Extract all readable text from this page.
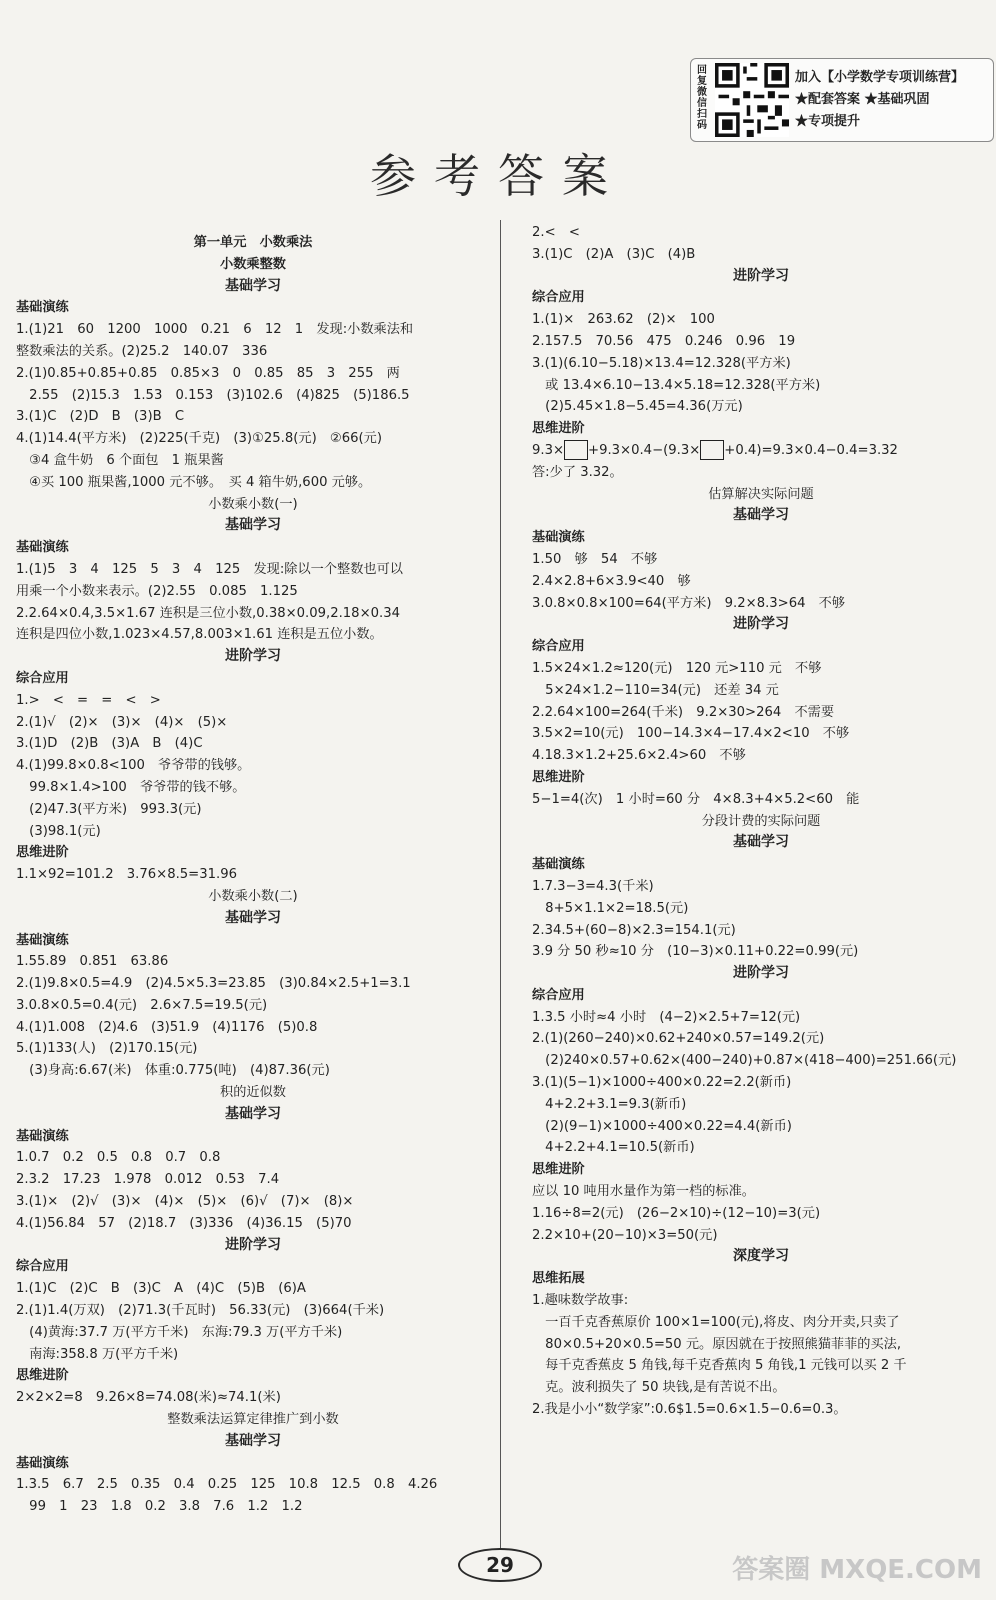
回复微信扫码
加入【小学数学专项训练营】
★配套答案 ★基础巩固
★专项提升
参考答案
第一单元　小数乘法
小数乘整数
基础学习
基础演练
1.(1)21　60　1200　1000　0.21　6　12　1　发现:小数乘法和
整数乘法的关系。(2)25.2　140.07　336
2.(1)0.85+0.85+0.85　0.85×3　0　0.85　85　3　255　两
　2.55　(2)15.3　1.53　0.153　(3)102.6　(4)825　(5)186.5
3.(1)C　(2)D　B　(3)B　C
4.(1)14.4(平方米)　(2)225(千克)　(3)①25.8(元)　②66(元)
　③4 盒牛奶　6 个面包　1 瓶果酱
　④买 100 瓶果酱,1000 元不够。　买 4 箱牛奶,600 元够。
小数乘小数(一)
基础学习
基础演练
1.(1)5　3　4　125　5　3　4　125　发现:除以一个整数也可以
用乘一个小数来表示。(2)2.55　0.085　1.125
2.2.64×0.4,3.5×1.67 连积是三位小数,0.38×0.09,2.18×0.34
连积是四位小数,1.023×4.57,8.003×1.61 连积是五位小数。
进阶学习
综合应用
1.>　<　=　=　<　>
2.(1)√　(2)×　(3)×　(4)×　(5)×
3.(1)D　(2)B　(3)A　B　(4)C
4.(1)99.8×0.8<100　爷爷带的钱够。
　99.8×1.4>100　爷爷带的钱不够。
　(2)47.3(平方米)　993.3(元)
　(3)98.1(元)
思维进阶
1.1×92=101.2　3.76×8.5=31.96
小数乘小数(二)
基础学习
基础演练
1.55.89　0.851　63.86
2.(1)9.8×0.5=4.9　(2)4.5×5.3=23.85　(3)0.84×2.5+1=3.1
3.0.8×0.5=0.4(元)　2.6×7.5=19.5(元)
4.(1)1.008　(2)4.6　(3)51.9　(4)1176　(5)0.8
5.(1)133(人)　(2)170.15(元)
　(3)身高:6.67(米)　体重:0.775(吨)　(4)87.36(元)
积的近似数
基础学习
基础演练
1.0.7　0.2　0.5　0.8　0.7　0.8
2.3.2　17.23　1.978　0.012　0.53　7.4
3.(1)×　(2)√　(3)×　(4)×　(5)×　(6)√　(7)×　(8)×
4.(1)56.84　57　(2)18.7　(3)336　(4)36.15　(5)70
进阶学习
综合应用
1.(1)C　(2)C　B　(3)C　A　(4)C　(5)B　(6)A
2.(1)1.4(万双)　(2)71.3(千瓦时)　56.33(元)　(3)664(千米)
　(4)黄海:37.7 万(平方千米)　东海:79.3 万(平方千米)
　南海:358.8 万(平方千米)
思维进阶
2×2×2=8　9.26×8=74.08(米)≈74.1(米)
整数乘法运算定律推广到小数
基础学习
基础演练
1.3.5　6.7　2.5　0.35　0.4　0.25　125　10.8　12.5　0.8　4.26
　99　1　23　1.8　0.2　3.8　7.6　1.2　1.2
2.<　<
3.(1)C　(2)A　(3)C　(4)B
进阶学习
综合应用
1.(1)×　263.62　(2)×　100
2.157.5　70.56　475　0.246　0.96　19
3.(1)(6.10−5.18)×13.4=12.328(平方米)
　或 13.4×6.10−13.4×5.18=12.328(平方米)
　(2)5.45×1.8−5.45=4.36(万元)
思维进阶
9.3× +9.3×0.4−(9.3× +0.4)=9.3×0.4−0.4=3.32
答:少了 3.32。
估算解决实际问题
基础学习
基础演练
1.50　够　54　不够
2.4×2.8+6×3.9<40　够
3.0.8×0.8×100=64(平方米)　9.2×8.3>64　不够
进阶学习
综合应用
1.5×24×1.2≈120(元)　120 元>110 元　不够
　5×24×1.2−110=34(元)　还差 34 元
2.2.64×100=264(千米)　9.2×30>264　不需要
3.5×2=10(元)　100−14.3×4−17.4×2<10　不够
4.18.3×1.2+25.6×2.4>60　不够
思维进阶
5−1=4(次)　1 小时=60 分　4×8.3+4×5.2<60　能
分段计费的实际问题
基础学习
基础演练
1.7.3−3=4.3(千米)
　8+5×1.1×2=18.5(元)
2.34.5+(60−8)×2.3=154.1(元)
3.9 分 50 秒≈10 分　(10−3)×0.11+0.22=0.99(元)
进阶学习
综合应用
1.3.5 小时≈4 小时　(4−2)×2.5+7=12(元)
2.(1)(260−240)×0.62+240×0.57=149.2(元)
　(2)240×0.57+0.62×(400−240)+0.87×(418−400)=251.66(元)
3.(1)(5−1)×1000÷400×0.22=2.2(新币)
　4+2.2+3.1=9.3(新币)
　(2)(9−1)×1000÷400×0.22=4.4(新币)
　4+2.2+4.1=10.5(新币)
思维进阶
应以 10 吨用水量作为第一档的标准。
1.16÷8=2(元)　(26−2×10)÷(12−10)=3(元)
2.2×10+(20−10)×3=50(元)
深度学习
思维拓展
1.趣味数学故事:
　一百千克香蕉原价 100×1=100(元),将皮、肉分开卖,只卖了
　80×0.5+20×0.5=50 元。原因就在于按照熊猫菲菲的买法,
　每千克香蕉皮 5 角钱,每千克香蕉肉 5 角钱,1 元钱可以买 2 千
　克。波利损失了 50 块钱,是有苦说不出。
2.我是小小“数学家”:0.6$1.5=0.6×1.5−0.6=0.3。
29	答案圈 MXQE.COM
